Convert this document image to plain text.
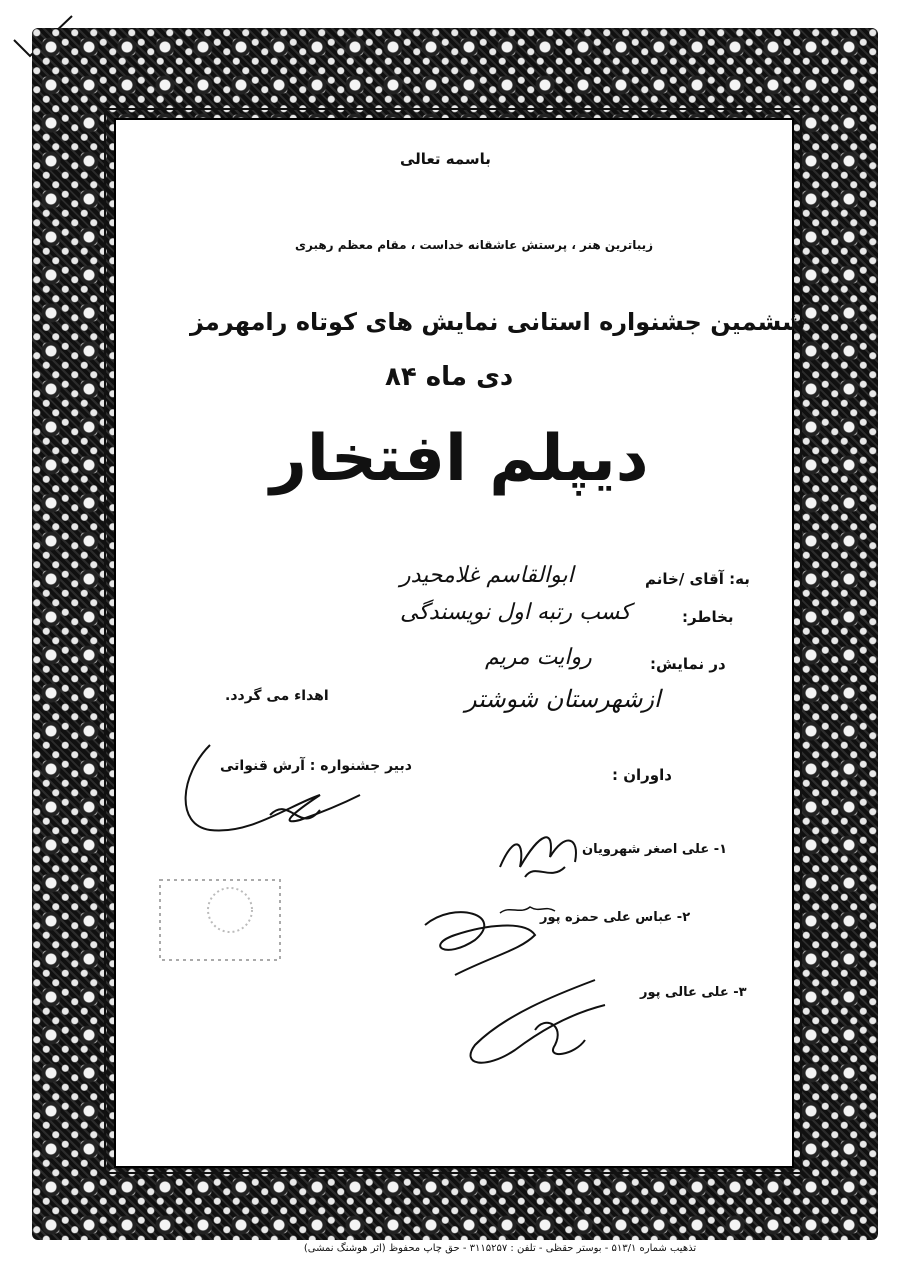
باسمه تعالی
زیباترین هنر ، پرستش عاشقانه خداست ، مقام معظم رهبری
ششمین جشنواره استانی نمایش های کوتاه رامهرمز
دی ماه ۸۴
دیپلم افتخار
به: آقای /خانم
ابوالقاسم غلامحیدر
بخاطر:
کسب رتبه اول نویسندگی
در نمایش:
روایت مریم
ازشهرستان شوشتر
اهداء می گردد.
دبیر جشنواره : آرش قنواتی	داوران :
۱- علی اصغر شهرویان
۲- عباس علی حمزه پور
۳- علی عالی پور
تذهیب شماره ۵۱۳/۱ - بوستر حقظی - تلفن : ۳۱۱۵۲۵۷ - حق چاپ محفوظ (اثر هوشنگ نمشی)
